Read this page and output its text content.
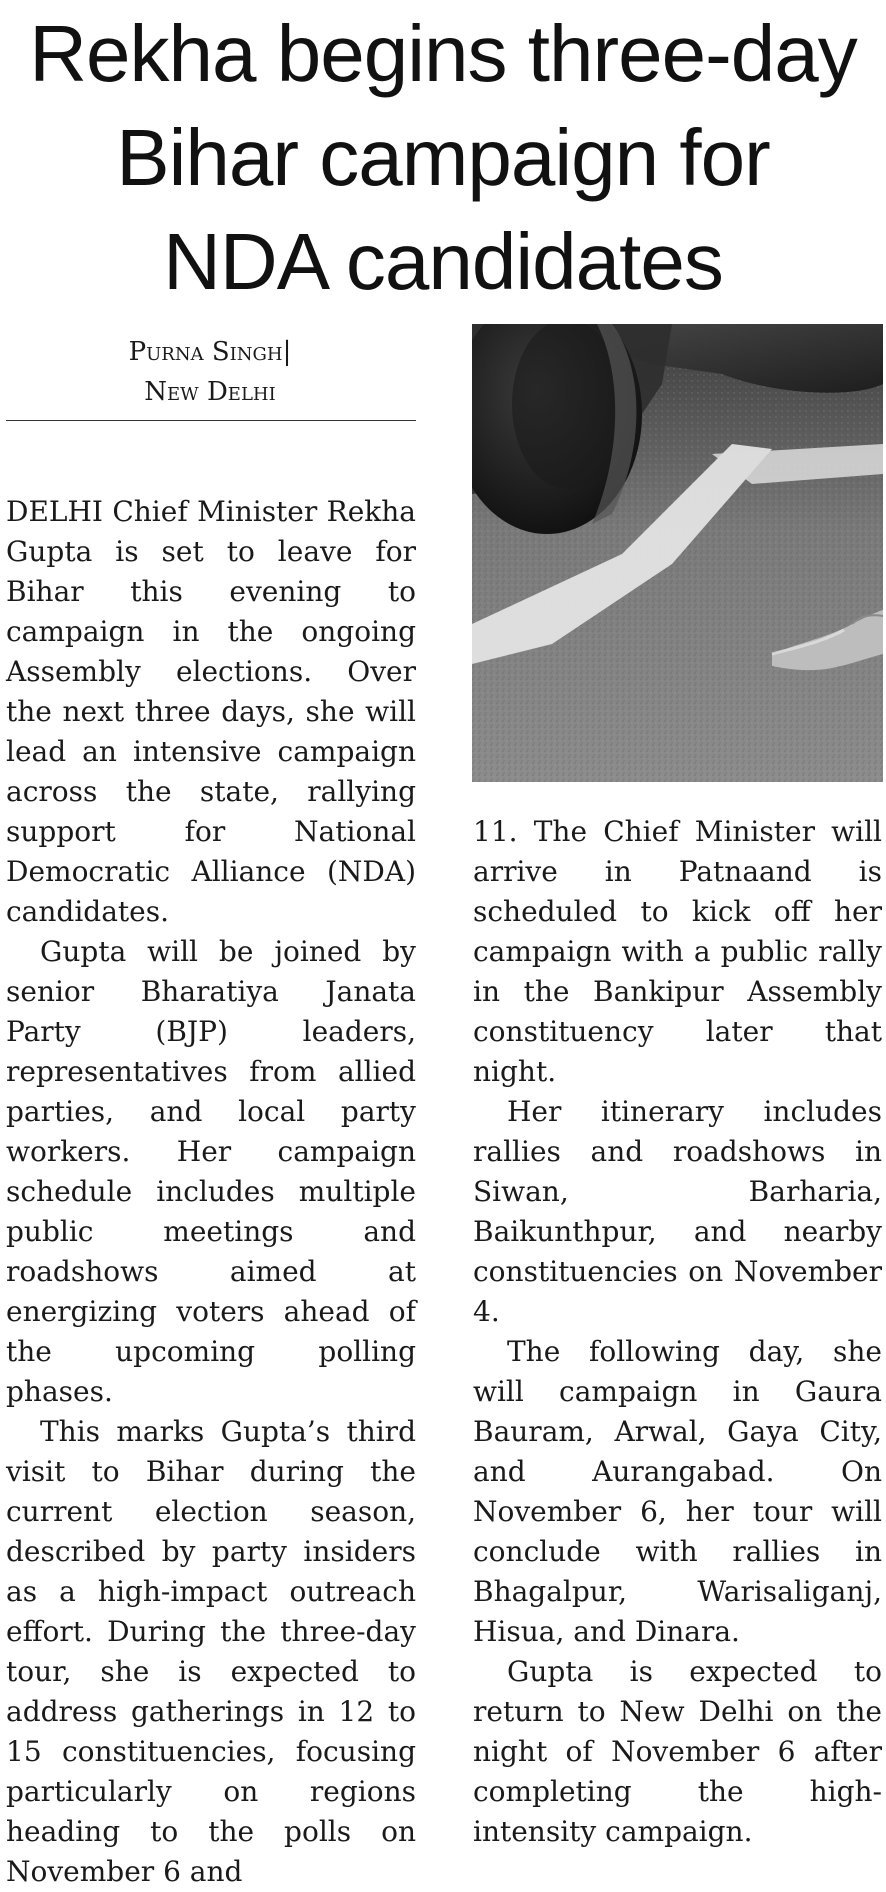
Rekha begins three-day
Bihar campaign for
NDA candidates
Purna Singh|
New Delhi

DELHI Chief Minister Rekha Gupta is set to leave for Bihar this evening to campaign in the ongoing Assembly elections. Over the next three days, she will lead an intensive campaign across the state, rallying support for National Democratic Alliance (NDA) candidates.

Gupta will be joined by senior Bharatiya Janata Party (BJP) leaders, representatives from allied parties, and local party workers. Her campaign schedule includes multiple public meetings and roadshows aimed at energizing voters ahead of the upcoming polling phases.

This marks Gupta’s third visit to Bihar during the current election season, described by party insiders as a high-impact outreach effort. During the three-day tour, she is expected to address gatherings in 12 to 15 constituencies, focusing particularly on regions heading to the polls on November 6 and

11. The Chief Minister will arrive in Patnaand is scheduled to kick off her campaign with a public rally in the Bankipur Assembly constituency later that night.

Her itinerary includes rallies and roadshows in Siwan, Barharia, Baikunthpur, and nearby constituencies on November 4.

The following day, she will campaign in Gaura Bauram, Arwal, Gaya City, and Aurangabad. On November 6, her tour will conclude with rallies in Bhagalpur, Warisaliganj, Hisua, and Dinara.

Gupta is expected to return to New Delhi on the night of November 6 after completing the high-intensity campaign.
